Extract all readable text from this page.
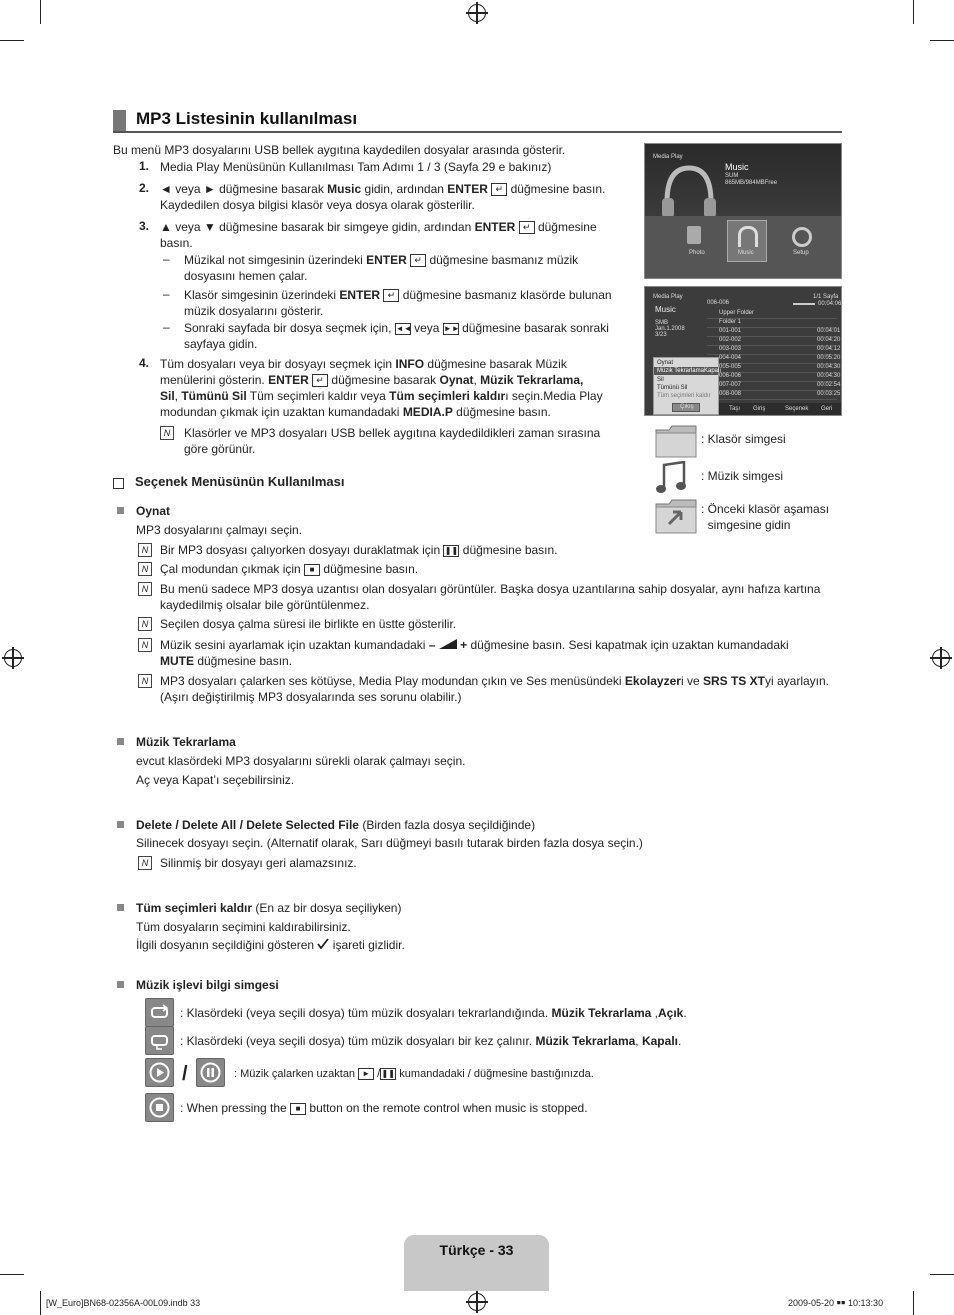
MP3 Listesinin kullanılması
Bu menü MP3 dosyalarını USB bellek aygıtına kaydedilen dosyalar arasında gösterir.
1. Media Play Menüsünün Kullanılması Tam Adımı 1 / 3 (Sayfa 29 e bakınız)
2. ◄ veya ► düğmesine basarak Music gidin, ardından ENTER ↵ düğmesine basın.
Kaydedilen dosya bilgisi klasör veya dosya olarak gösterilir.
3. ▲ veya ▼ düğmesine basarak bir simgeye gidin, ardından ENTER ↵ düğmesine
basın.
– Müzikal not simgesinin üzerindeki ENTER ↵ düğmesine basmanız müzik
dosyasını hemen çalar.
– Klasör simgesinin üzerindeki ENTER ↵ düğmesine basmanız klasörde bulunan
müzik dosyalarını gösterir.
– Sonraki sayfada bir dosya seçmek için, ◄◄ veya ►► düğmesine basarak sonraki
sayfaya gidin.
4. Tüm dosyaları veya bir dosyayı seçmek için INFO düğmesine basarak Müzik
menülerini gösterin. ENTER ↵ düğmesine basarak Oynat, Müzik Tekrarlama,
Sil, Tümünü Sil Tüm seçimleri kaldır veya Tüm seçimleri kaldırı seçin.Media Play
modundan çıkmak için uzaktan kumandadaki MEDIA.P düğmesine basın.
N	Klasörler ve MP3 dosyaları USB bellek aygıtına kaydedildikleri zaman sırasına
göre görünür.
Media Play
Music
SUM
865MB/984MBFree
Photo	Music	Setup
Media Play
Music
SMB
Jan.1.2008
3/23
006-006
1/1 Sayfa
00:04:06
Upper Folder
Folder 1
001-001	00:04:01
002-002	00:04:20
003-003	00:04:12
004-004	00:05:20
005-005	00:04:30
006-006	00:04:30
007-007	00:02:54
008-008	00:03:25
Oynat
Müzik Tekrarlama Kapalı
Sil
Tümünü Sil
Tüm seçimleri kaldır
Çıkış	Taşı Giriş	Seçenek Geri
: Klasör simgesi
: Müzik simgesi
: Önceki klasör aşaması
simgesine gidin
Seçenek Menüsünün Kullanılması
Oynat
MP3 dosyalarını çalmayı seçin.
N Bir MP3 dosyası çalıyorken dosyayı duraklatmak için ❚❚ düğmesine basın.
N Çal modundan çıkmak için ■ düğmesine basın.
N Bu menü sadece MP3 dosya uzantısı olan dosyaları görüntüler. Başka dosya uzantılarına sahip dosyalar, aynı hafıza kartına
kaydedilmiş olsalar bile görüntülenmez.
N Seçilen dosya çalma süresi ile birlikte en üstte gösterilir.
N Müzik sesini ayarlamak için uzaktan kumandadaki –  + düğmesine basın. Sesi kapatmak için uzaktan kumandadaki
MUTE düğmesine basın.
N MP3 dosyaları çalarken ses kötüyse, Media Play modundan çıkın ve Ses menüsündeki Ekolayzeri ve SRS TS XTyi ayarlayın.
(Aşırı değiştirilmiş MP3 dosyalarında ses sorunu olabilir.)
Müzik Tekrarlama
evcut klasördeki MP3 dosyalarını sürekli olarak çalmayı seçin.
Aç veya Kapat’ı seçebilirsiniz.
Delete / Delete All / Delete Selected File (Birden fazla dosya seçildiğinde)
Silinecek dosyayı seçin. (Alternatif olarak, Sarı düğmeyi basılı tutarak birden fazla dosya seçin.)
N Silinmiş bir dosyayı geri alamazsınız.
Tüm seçimleri kaldır (En az bir dosya seçiliyken)
Tüm dosyaların seçimini kaldırabilirsiniz.
İlgili dosyanın seçildiğini gösteren  işareti gizlidir.
Müzik işlevi bilgi simgesi
: Klasördeki (veya seçili dosya) tüm müzik dosyaları tekrarlandığında. Müzik Tekrarlama ,Açık.
: Klasördeki (veya seçili dosya) tüm müzik dosyaları bir kez çalınır. Müzik Tekrarlama, Kapalı.
/	: Müzik çalarken uzaktan ► /❚❚ kumandadaki / düğmesine bastığınızda.
: When pressing the ■ button on the remote control when music is stopped.
Türkçe - 33
[W_Euro]BN68-02356A-00L09.indb 33	2009-05-20 ￭￭ 10:13:30
